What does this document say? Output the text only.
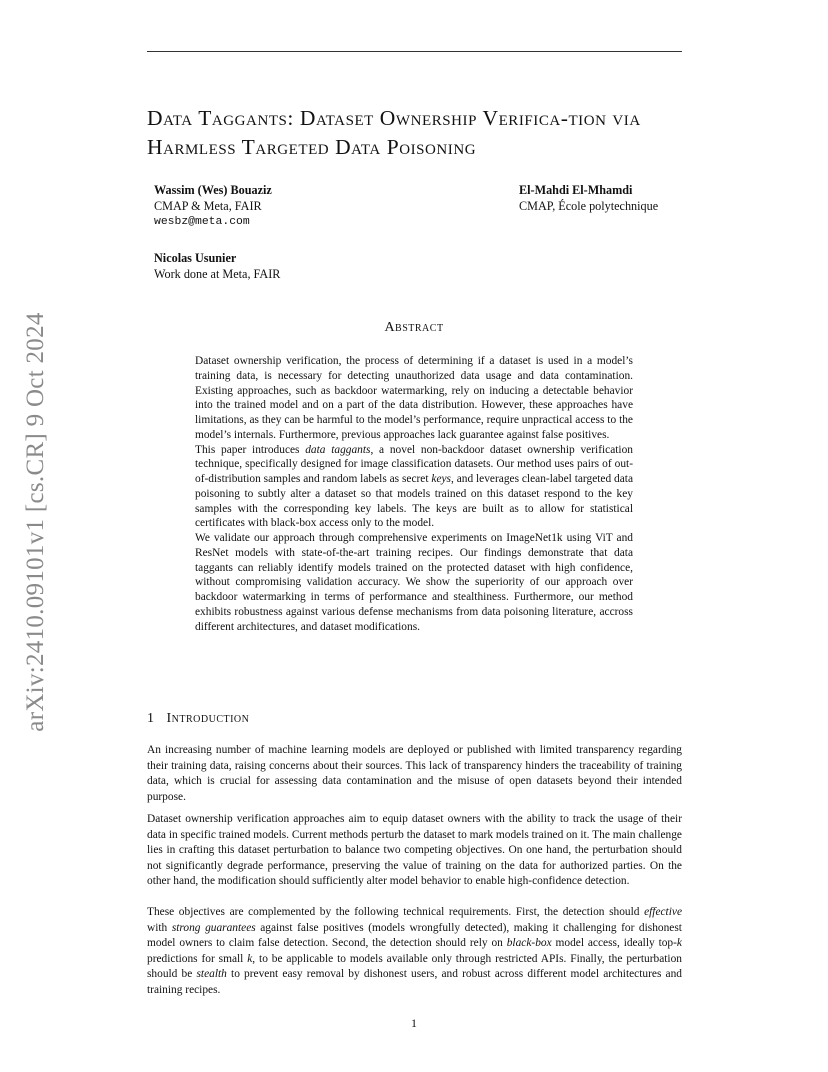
arXiv:2410.09101v1 [cs.CR] 9 Oct 2024
Data Taggants: Dataset Ownership Verifica-tion via Harmless Targeted Data Poisoning
Wassim (Wes) Bouaziz
CMAP & Meta, FAIR
wesbz@meta.com
El-Mahdi El-Mhamdi
CMAP, École polytechnique
Nicolas Usunier
Work done at Meta, FAIR
Abstract

Dataset ownership verification, the process of determining if a dataset is used in a model’s training data, is necessary for detecting unauthorized data usage and data contamination. Existing approaches, such as backdoor watermarking, rely on inducing a detectable behavior into the trained model and on a part of the data distribution. However, these approaches have limitations, as they can be harmful to the model’s performance, require unpractical access to the model’s internals. Furthermore, previous approaches lack guarantee against false positives.

This paper introduces data taggants, a novel non-backdoor dataset ownership verification technique, specifically designed for image classification datasets. Our method uses pairs of out-of-distribution samples and random labels as secret keys, and leverages clean-label targeted data poisoning to subtly alter a dataset so that models trained on this dataset respond to the key samples with the corresponding key labels. The keys are built as to allow for statistical certificates with black-box access only to the model.

We validate our approach through comprehensive experiments on ImageNet1k using ViT and ResNet models with state-of-the-art training recipes. Our findings demonstrate that data taggants can reliably identify models trained on the protected dataset with high confidence, without compromising validation accuracy. We show the superiority of our approach over backdoor watermarking in terms of performance and stealthiness. Furthermore, our method exhibits robustness against various defense mechanisms from data poisoning literature, accross different architectures, and dataset modifications.

1 Introduction

An increasing number of machine learning models are deployed or published with limited transparency regarding their training data, raising concerns about their sources. This lack of transparency hinders the traceability of training data, which is crucial for assessing data contamination and the misuse of open datasets beyond their intended purpose.

Dataset ownership verification approaches aim to equip dataset owners with the ability to track the usage of their data in specific trained models. Current methods perturb the dataset to mark models trained on it. The main challenge lies in crafting this dataset perturbation to balance two competing objectives. On one hand, the perturbation should not significantly degrade performance, preserving the value of training on the data for authorized parties. On the other hand, the modification should sufficiently alter model behavior to enable high-confidence detection.

These objectives are complemented by the following technical requirements. First, the detection should effective with strong guarantees against false positives (models wrongfully detected), making it challenging for dishonest model owners to claim false detection. Second, the detection should rely on black-box model access, ideally top-k predictions for small k, to be applicable to models available only through restricted APIs. Finally, the perturbation should be stealth to prevent easy removal by dishonest users, and robust across different model architectures and training recipes.

1
